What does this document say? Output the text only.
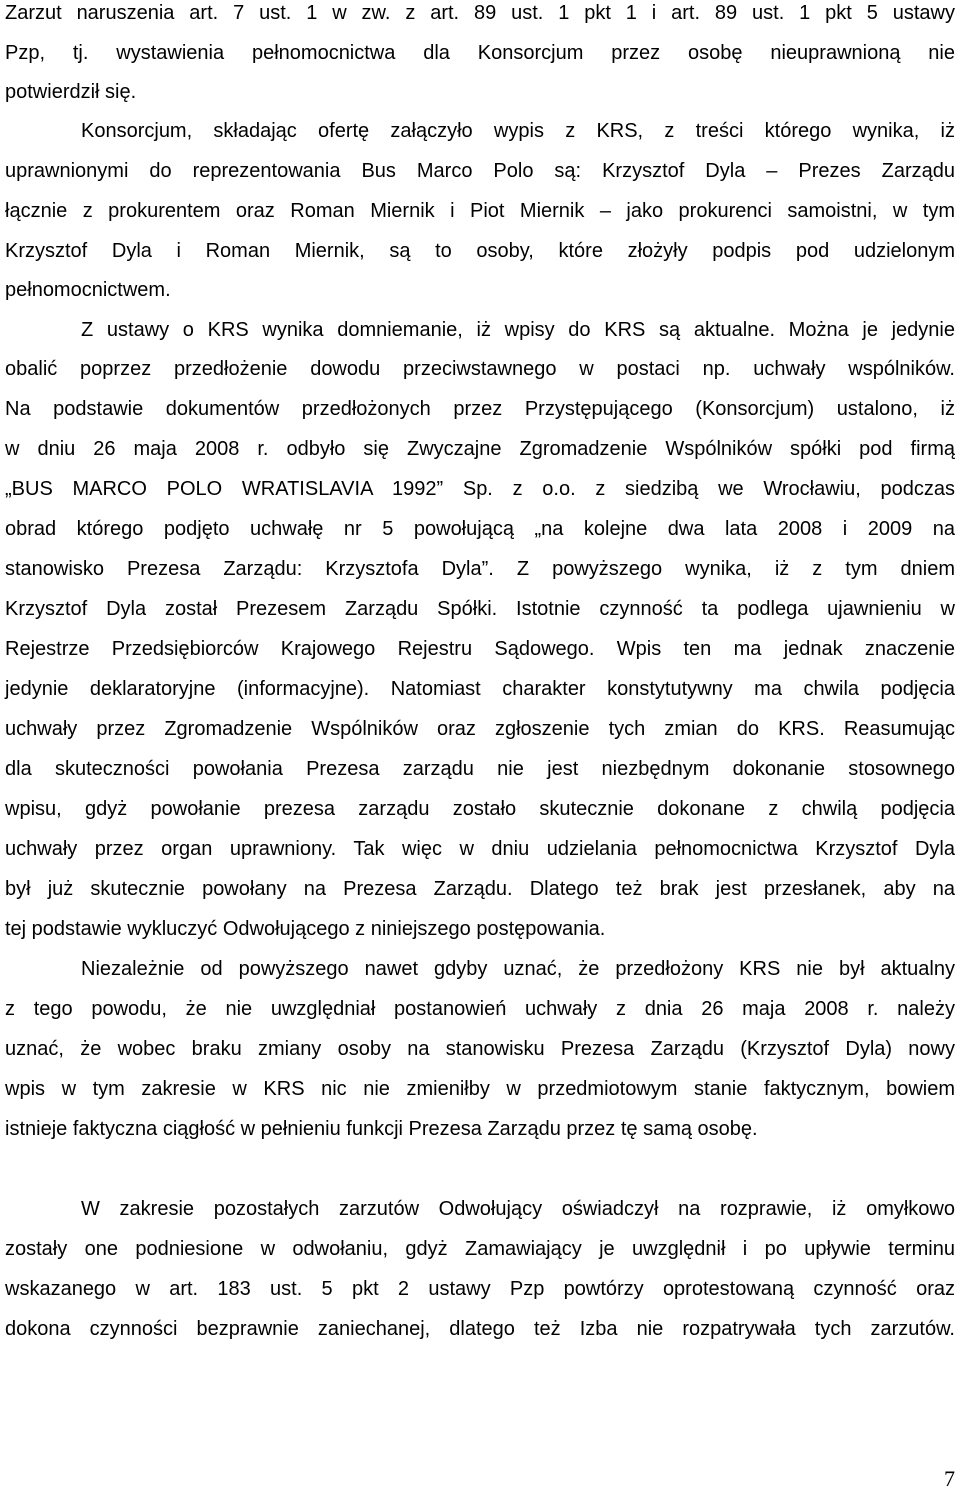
Zarzut naruszenia art. 7 ust. 1 w zw. z art. 89 ust. 1 pkt 1 i art. 89 ust. 1 pkt 5 ustawy
Pzp, tj. wystawienia pełnomocnictwa dla Konsorcjum przez osobę nieuprawnioną nie
potwierdził się.
Konsorcjum, składając ofertę załączyło wypis z KRS, z treści którego wynika, iż
uprawnionymi do reprezentowania Bus Marco Polo są: Krzysztof Dyla – Prezes Zarządu
łącznie z prokurentem oraz Roman Miernik i Piot Miernik – jako prokurenci samoistni, w tym
Krzysztof Dyla i Roman Miernik, są to osoby, które złożyły podpis pod udzielonym
pełnomocnictwem.
Z ustawy o KRS wynika domniemanie, iż wpisy do KRS są aktualne. Można je jedynie
obalić poprzez przedłożenie dowodu przeciwstawnego w postaci np. uchwały wspólników.
Na podstawie dokumentów przedłożonych przez Przystępującego (Konsorcjum) ustalono, iż
w dniu 26 maja 2008 r. odbyło się Zwyczajne Zgromadzenie Wspólników spółki pod firmą
„BUS MARCO POLO WRATISLAVIA 1992” Sp. z o.o. z siedzibą we Wrocławiu, podczas
obrad którego podjęto uchwałę nr 5 powołującą „na kolejne dwa lata 2008 i 2009 na
stanowisko Prezesa Zarządu: Krzysztofa Dyla”. Z powyższego wynika, iż z tym dniem
Krzysztof Dyla został Prezesem Zarządu Spółki. Istotnie czynność ta podlega ujawnieniu w
Rejestrze Przedsiębiorców Krajowego Rejestru Sądowego. Wpis ten ma jednak znaczenie
jedynie deklaratoryjne (informacyjne). Natomiast charakter konstytutywny ma chwila podjęcia
uchwały przez Zgromadzenie Wspólników oraz zgłoszenie tych zmian do KRS. Reasumując
dla skuteczności powołania Prezesa zarządu nie jest niezbędnym dokonanie stosownego
wpisu, gdyż powołanie prezesa zarządu zostało skutecznie dokonane z chwilą podjęcia
uchwały przez organ uprawniony. Tak więc w dniu udzielania pełnomocnictwa Krzysztof Dyla
był już skutecznie powołany na Prezesa Zarządu. Dlatego też brak jest przesłanek, aby na
tej podstawie wykluczyć Odwołującego z niniejszego postępowania.
Niezależnie od powyższego nawet gdyby uznać, że przedłożony KRS nie był aktualny
z tego powodu, że nie uwzględniał postanowień uchwały z dnia 26 maja 2008 r. należy
uznać, że wobec braku zmiany osoby na stanowisku Prezesa Zarządu (Krzysztof Dyla) nowy
wpis w tym zakresie w KRS nic nie zmieniłby w przedmiotowym stanie faktycznym, bowiem
istnieje faktyczna ciągłość w pełnieniu funkcji Prezesa Zarządu przez tę samą osobę.
W zakresie pozostałych zarzutów Odwołujący oświadczył na rozprawie, iż omyłkowo
zostały one podniesione w odwołaniu, gdyż Zamawiający je uwzględnił i po upływie terminu
wskazanego w art. 183 ust. 5 pkt 2 ustawy Pzp powtórzy oprotestowaną czynność oraz
dokona czynności bezprawnie zaniechanej, dlatego też Izba nie rozpatrywała tych zarzutów.
7
